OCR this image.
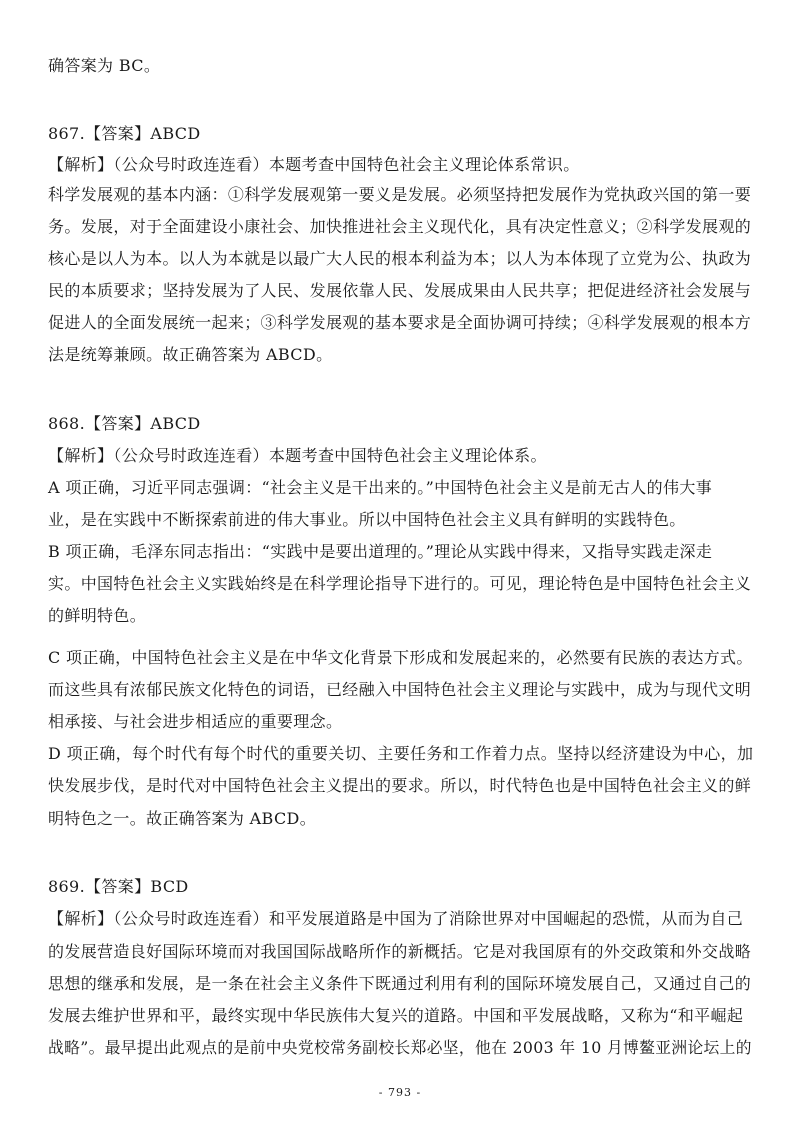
确答案为 BC。
867.【答案】ABCD
【解析】（公众号时政连连看）本题考查中国特色社会主义理论体系常识。
科学发展观的基本内涵：①科学发展观第一要义是发展。必须坚持把发展作为党执政兴国的第一要
务。发展，对于全面建设小康社会、加快推进社会主义现代化，具有决定性意义；②科学发展观的
核心是以人为本。以人为本就是以最广大人民的根本利益为本；以人为本体现了立党为公、执政为
民的本质要求；坚持发展为了人民、发展依靠人民、发展成果由人民共享；把促进经济社会发展与
促进人的全面发展统一起来；③科学发展观的基本要求是全面协调可持续；④科学发展观的根本方
法是统筹兼顾。故正确答案为 ABCD。
868.【答案】ABCD
【解析】（公众号时政连连看）本题考查中国特色社会主义理论体系。
A 项正确，习近平同志强调：“社会主义是干出来的。”中国特色社会主义是前无古人的伟大事
业，是在实践中不断探索前进的伟大事业。所以中国特色社会主义具有鲜明的实践特色。
B 项正确，毛泽东同志指出：“实践中是要出道理的。”理论从实践中得来，又指导实践走深走
实。中国特色社会主义实践始终是在科学理论指导下进行的。可见，理论特色是中国特色社会主义
的鲜明特色。
C 项正确，中国特色社会主义是在中华文化背景下形成和发展起来的，必然要有民族的表达方式。
而这些具有浓郁民族文化特色的词语，已经融入中国特色社会主义理论与实践中，成为与现代文明
相承接、与社会进步相适应的重要理念。
D 项正确，每个时代有每个时代的重要关切、主要任务和工作着力点。坚持以经济建设为中心，加
快发展步伐，是时代对中国特色社会主义提出的要求。所以，时代特色也是中国特色社会主义的鲜
明特色之一。故正确答案为 ABCD。
869.【答案】BCD
【解析】（公众号时政连连看）和平发展道路是中国为了消除世界对中国崛起的恐慌，从而为自己
的发展营造良好国际环境而对我国国际战略所作的新概括。它是对我国原有的外交政策和外交战略
思想的继承和发展，是一条在社会主义条件下既通过利用有利的国际环境发展自己，又通过自己的
发展去维护世界和平，最终实现中华民族伟大复兴的道路。中国和平发展战略，又称为“和平崛起
战略”。最早提出此观点的是前中央党校常务副校长郑必坚，他在 2003 年 10 月博鳌亚洲论坛上的
- 793 -
